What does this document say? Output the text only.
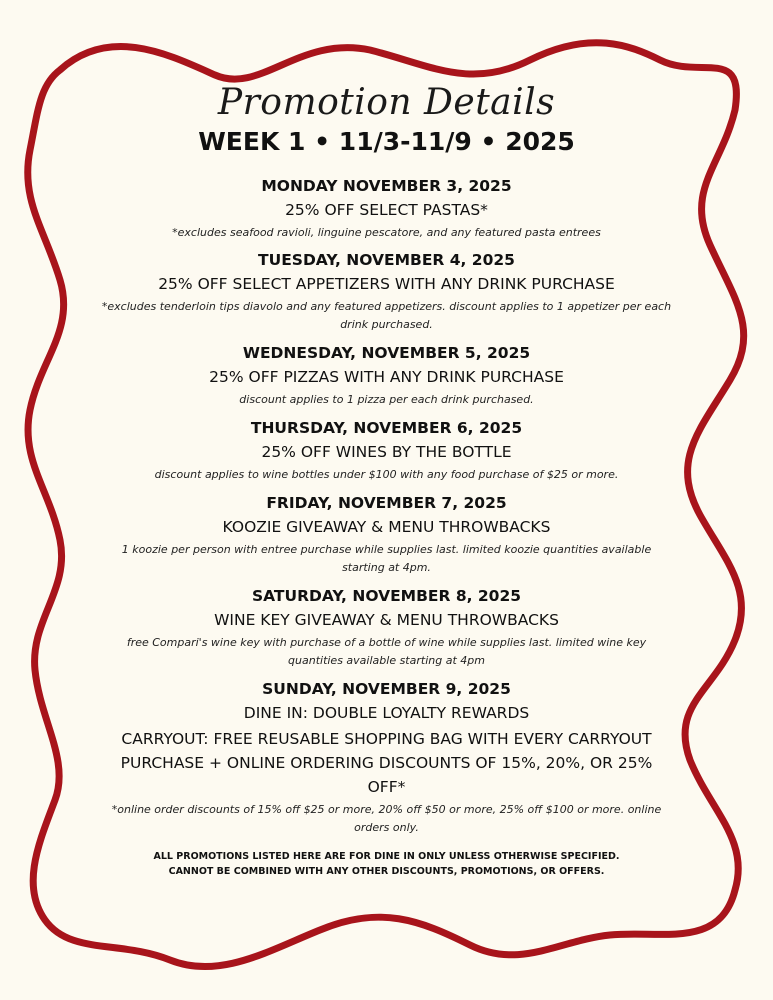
Promotion Details
WEEK 1 • 11/3-11/9 • 2025

MONDAY NOVEMBER 3, 2025

25% OFF SELECT PASTAS*

*excludes seafood ravioli, linguine pescatore, and any featured pasta entrees

TUESDAY, NOVEMBER 4, 2025

25% OFF SELECT APPETIZERS WITH ANY DRINK PURCHASE

*excludes tenderloin tips diavolo and any featured appetizers. discount applies to 1 appetizer per each drink purchased.

WEDNESDAY, NOVEMBER 5, 2025

25% OFF PIZZAS WITH ANY DRINK PURCHASE

discount applies to 1 pizza per each drink purchased.

THURSDAY, NOVEMBER 6, 2025

25% OFF WINES BY THE BOTTLE

discount applies to wine bottles under $100 with any food purchase of $25 or more.

FRIDAY, NOVEMBER 7, 2025

KOOZIE GIVEAWAY & MENU THROWBACKS

1 koozie per person with entree purchase while supplies last. limited koozie quantities available starting at 4pm.

SATURDAY, NOVEMBER 8, 2025

WINE KEY GIVEAWAY & MENU THROWBACKS

free Compari's wine key with purchase of a bottle of wine while supplies last. limited wine key quantities available starting at 4pm

SUNDAY, NOVEMBER 9, 2025

DINE IN: DOUBLE LOYALTY REWARDS

CARRYOUT: FREE REUSABLE SHOPPING BAG WITH EVERY CARRYOUT PURCHASE + ONLINE ORDERING DISCOUNTS OF 15%, 20%, OR 25% OFF*

*online order discounts of 15% off $25 or more, 20% off $50 or more, 25% off $100 or more. online orders only.

ALL PROMOTIONS LISTED HERE ARE FOR DINE IN ONLY UNLESS OTHERWISE SPECIFIED.
CANNOT BE COMBINED WITH ANY OTHER DISCOUNTS, PROMOTIONS, OR OFFERS.
